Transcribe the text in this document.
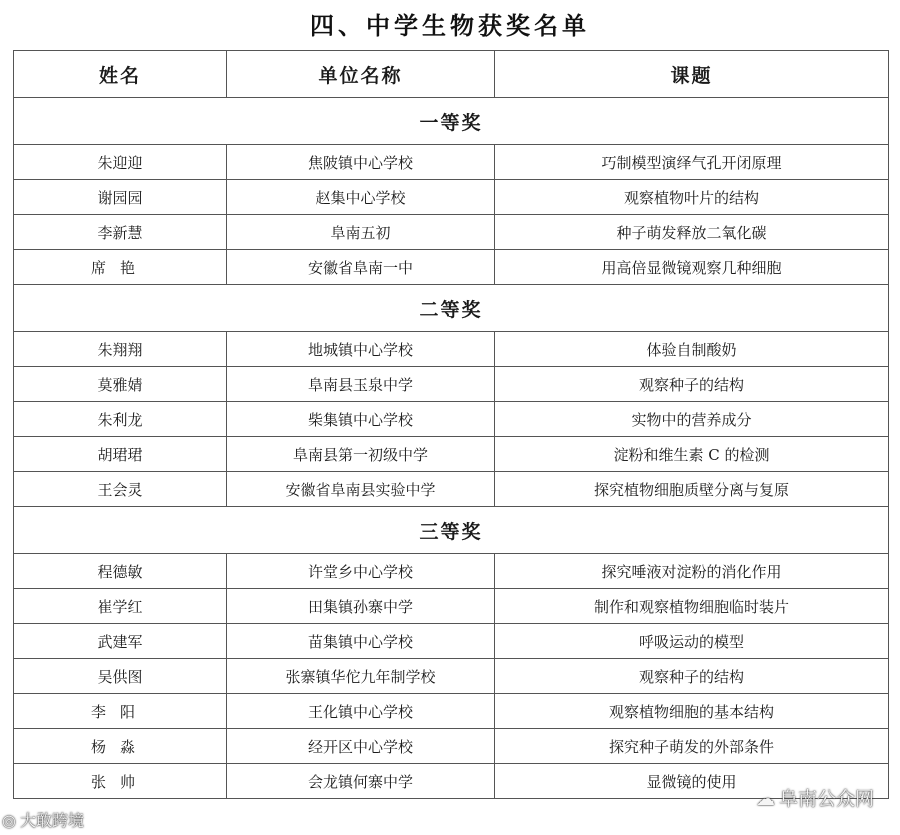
四、中学生物获奖名单
姓名	单位名称	课题
一等奖		
朱迎迎	焦陂镇中心学校	巧制模型演绎气孔开闭原理
谢园园	赵集中心学校	观察植物叶片的结构
李新慧	阜南五初	种子萌发释放二氧化碳
席艳	安徽省阜南一中	用高倍显微镜观察几种细胞
二等奖		
朱翔翔	地城镇中心学校	体验自制酸奶
莫雅婧	阜南县玉泉中学	观察种子的结构
朱利龙	柴集镇中心学校	实物中的营养成分
胡珺珺	阜南县第一初级中学	淀粉和维生素 C 的检测
王会灵	安徽省阜南县实验中学	探究植物细胞质壁分离与复原
三等奖		
程德敏	许堂乡中心学校	探究唾液对淀粉的消化作用
崔学红	田集镇孙寨中学	制作和观察植物细胞临时装片
武建军	苗集镇中心学校	呼吸运动的模型
吴供图	张寨镇华佗九年制学校	观察种子的结构
李阳	王化镇中心学校	观察植物细胞的基本结构
杨淼	经开区中心学校	探究种子萌发的外部条件
张帅	会龙镇何寨中学	显微镜的使用
◎ 大敢跨境
☁ 阜南公众网
